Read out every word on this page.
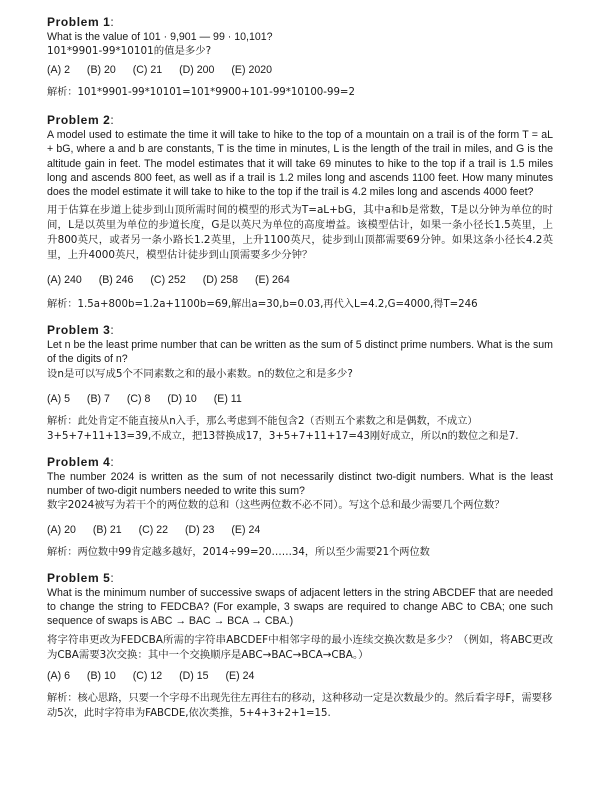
Problem 1:

What is the value of 101 · 9,901 — 99 · 10,101?

101*9901-99*10101的值是多少?

(A) 2 (B) 20 (C) 21 (D) 200 (E) 2020

解析：101*9901-99*10101=101*9900+101-99*10100-99=2

Problem 2:

A model used to estimate the time it will take to hike to the top of a mountain on a trail is of the form T = aL + bG, where a and b are constants, T is the time in minutes, L is the length of the trail in miles, and G is the altitude gain in feet. The model estimates that it will take 69 minutes to hike to the top if a trail is 1.5 miles long and ascends 800 feet, as well as if a trail is 1.2 miles long and ascends 1100 feet. How many minutes does the model estimate it will take to hike to the top if the trail is 4.2 miles long and ascends 4000 feet?

用于估算在步道上徒步到山顶所需时间的模型的形式为T=aL+bG，其中a和b是常数，T是以分钟为单位的时间，L是以英里为单位的步道长度，G是以英尺为单位的高度增益。该模型估计，如果一条小径长1.5英里，上升800英尺，或者另一条小路长1.2英里，上升1100英尺，徒步到山顶都需要69分钟。如果这条小径长4.2英里，上升4000英尺，模型估计徒步到山顶需要多少分钟？

(A) 240 (B) 246 (C) 252 (D) 258 (E) 264

解析：1.5a+800b=1.2a+1100b=69,解出a=30,b=0.03,再代入L=4.2,G=4000,得T=246

Problem 3:

Let n be the least prime number that can be written as the sum of 5 distinct prime numbers. What is the sum of the digits of n?

设n是可以写成5个不同素数之和的最小素数。n的数位之和是多少?

(A) 5 (B) 7 (C) 8 (D) 10 (E) 11

解析：此处肯定不能直接从n入手，那么考虑到不能包含2（否则五个素数之和是偶数，不成立）3+5+7+11+13=39,不成立，把13替换成17，3+5+7+11+17=43刚好成立，所以n的数位之和是7.

Problem 4:

The number 2024 is written as the sum of not necessarily distinct two-digit numbers. What is the least number of two-digit numbers needed to write this sum?

数字2024被写为若干个的两位数的总和（这些两位数不必不同）。写这个总和最少需要几个两位数？

(A) 20 (B) 21 (C) 22 (D) 23 (E) 24

解析：两位数中99肯定越多越好，2014÷99=20……34，所以至少需要21个两位数

Problem 5:

What is the minimum number of successive swaps of adjacent letters in the string ABCDEF that are needed to change the string to FEDCBA? (For example, 3 swaps are required to change ABC to CBA; one such sequence of swaps is ABC → BAC → BCA → CBA.)

将字符串更改为FEDCBA所需的字符串ABCDEF中相邻字母的最小连续交换次数是多少？（例如，将ABC更改为CBA需要3次交换：其中一个交换顺序是ABC→BAC→BCA→CBA。）

(A) 6 (B) 10 (C) 12 (D) 15 (E) 24

解析：核心思路，只要一个字母不出现先往左再往右的移动，这种移动一定是次数最少的。然后看字母F，需要移动5次，此时字符串为FABCDE,依次类推，5+4+3+2+1=15.
